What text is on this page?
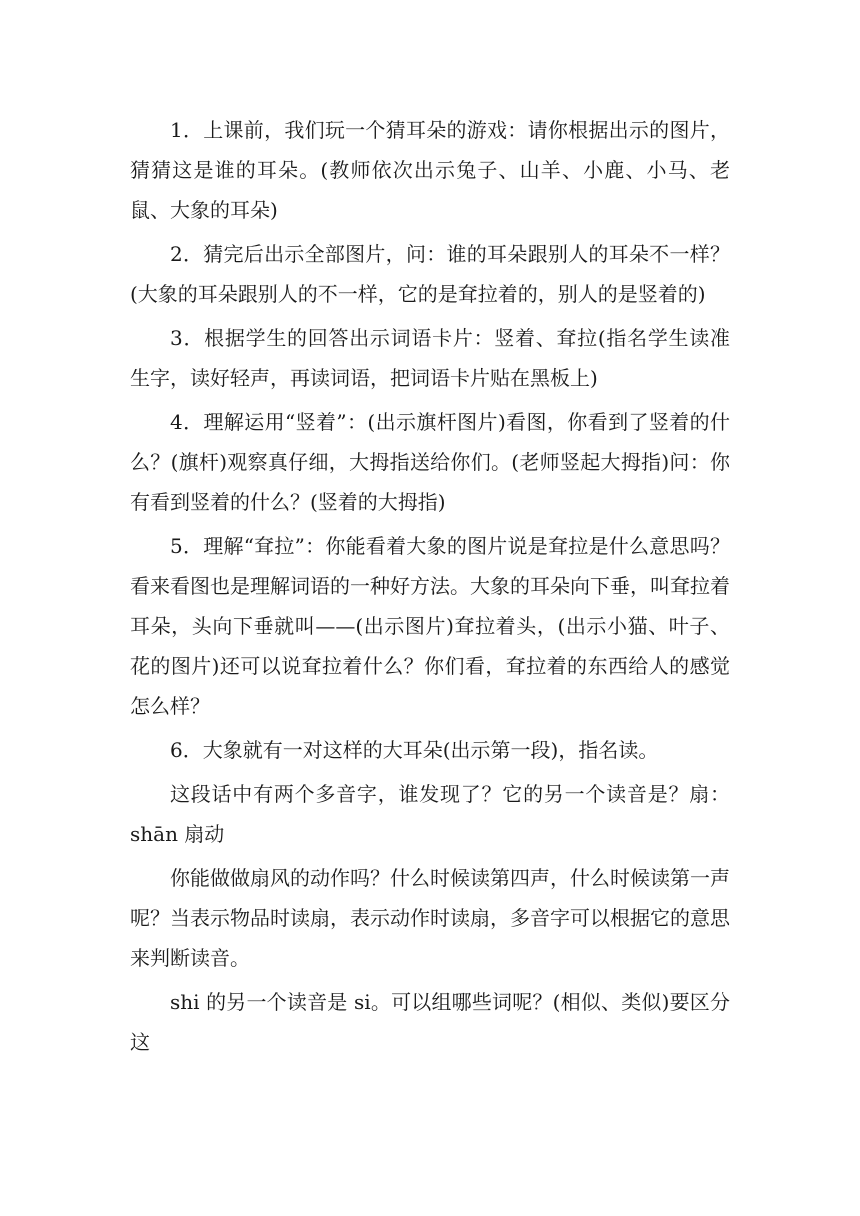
1．上课前，我们玩一个猜耳朵的游戏：请你根据出示的图片，猜猜这是谁的耳朵。(教师依次出示兔子、山羊、小鹿、小马、老鼠、大象的耳朵)

2．猜完后出示全部图片，问：谁的耳朵跟别人的耳朵不一样？(大象的耳朵跟别人的不一样，它的是耷拉着的，别人的是竖着的)

3．根据学生的回答出示词语卡片：竖着、耷拉(指名学生读准生字，读好轻声，再读词语，把词语卡片贴在黑板上)

4．理解运用“竖着”：(出示旗杆图片)看图，你看到了竖着的什么？(旗杆)观察真仔细，大拇指送给你们。(老师竖起大拇指)问：你有看到竖着的什么？(竖着的大拇指)

5．理解“耷拉”：你能看着大象的图片说是耷拉是什么意思吗？看来看图也是理解词语的一种好方法。大象的耳朵向下垂，叫耷拉着耳朵，头向下垂就叫——(出示图片)耷拉着头，(出示小猫、叶子、花的图片)还可以说耷拉着什么？你们看，耷拉着的东西给人的感觉怎么样？

6．大象就有一对这样的大耳朵(出示第一段)，指名读。

这段话中有两个多音字，谁发现了？它的另一个读音是？扇：shān 扇动

你能做做扇风的动作吗？什么时候读第四声，什么时候读第一声呢？当表示物品时读扇，表示动作时读扇，多音字可以根据它的意思来判断读音。

shi 的另一个读音是 si。可以组哪些词呢？(相似、类似)要区分这
